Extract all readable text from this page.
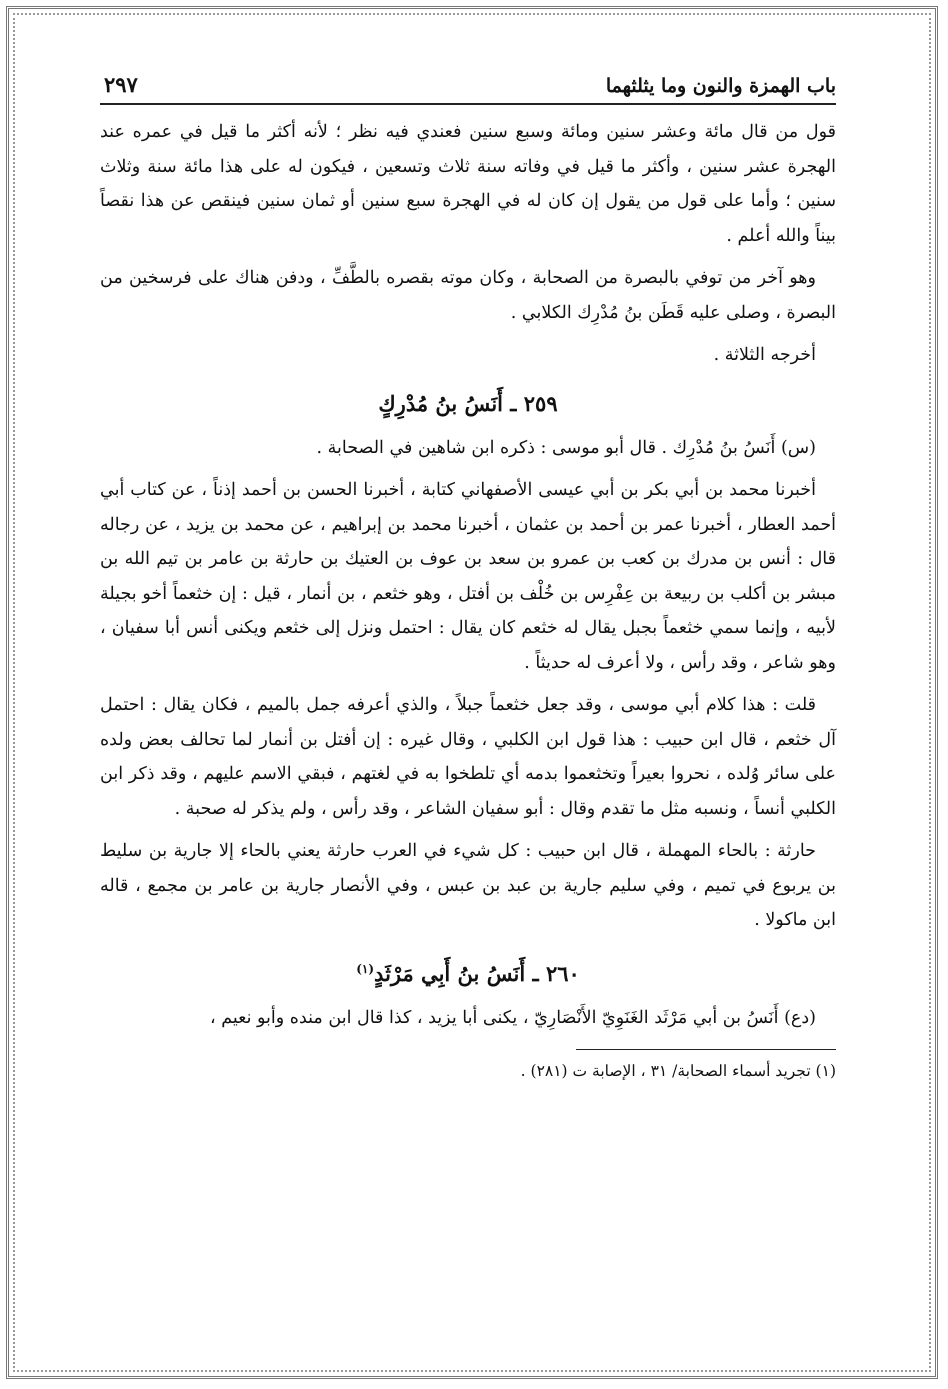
باب الهمزة والنون وما يثلثهما
٢٩٧

قول من قال مائة وعشر سنين ومائة وسبع سنين فعندي فيه نظر ؛ لأنه أكثر ما قيل في عمره عند الهجرة عشر سنين ، وأكثر ما قيل في وفاته سنة ثلاث وتسعين ، فيكون له على هذا مائة سنة وثلاث سنين ؛ وأما على قول من يقول إن كان له في الهجرة سبع سنين أو ثمان سنين فينقص عن هذا نقصاً بيناً والله أعلم .

وهو آخر من توفي بالبصرة من الصحابة ، وكان موته بقصره بالطَّفِّ ، ودفن هناك على فرسخين من البصرة ، وصلى عليه قَطَن بنُ مُدْرِك الكلابي .

أخرجه الثلاثة .

٢٥٩ ـ أَنَسُ بنُ مُدْرِكٍ

(س) أَنَسُ بنُ مُدْرِك . قال أبو موسى : ذكره ابن شاهين في الصحابة .

أخبرنا محمد بن أبي بكر بن أبي عيسى الأصفهاني كتابة ، أخبرنا الحسن بن أحمد إذناً ، عن كتاب أبي أحمد العطار ، أخبرنا عمر بن أحمد بن عثمان ، أخبرنا محمد بن إبراهيم ، عن محمد بن يزيد ، عن رجاله قال : أنس بن مدرك بن كعب بن عمرو بن سعد بن عوف بن العتيك بن حارثة بن عامر بن تيم الله بن مبشر بن أكلب بن ربيعة بن عِفْرِس بن خُلْف بن أفتل ، وهو خثعم ، بن أنمار ، قيل : إن خثعماً أخو بجيلة لأبيه ، وإنما سمي خثعماً بجبل يقال له خثعم كان يقال : احتمل ونزل إلى خثعم ويكنى أنس أبا سفيان ، وهو شاعر ، وقد رأس ، ولا أعرف له حديثاً .

قلت : هذا كلام أبي موسى ، وقد جعل خثعماً جبلاً ، والذي أعرفه جمل بالميم ، فكان يقال : احتمل آل خثعم ، قال ابن حبيب : هذا قول ابن الكلبي ، وقال غيره : إن أفتل بن أنمار لما تحالف بعض ولده على سائر وُلده ، نحروا بعيراً وتخثعموا بدمه أي تلطخوا به في لغتهم ، فبقي الاسم عليهم ، وقد ذكر ابن الكلبي أنساً ، ونسبه مثل ما تقدم وقال : أبو سفيان الشاعر ، وقد رأس ، ولم يذكر له صحبة .

حارثة : بالحاء المهملة ، قال ابن حبيب : كل شيء في العرب حارثة يعني بالحاء إلا جارية بن سليط بن يربوع في تميم ، وفي سليم جارية بن عبد بن عبس ، وفي الأنصار جارية بن عامر بن مجمع ، قاله ابن ماكولا .

٢٦٠ ـ أَنَسُ بنُ أَبِي مَرْثَدٍ$^{(١)}$

(دع) أَنَسُ بن أبي مَرْثَد الغَنَوِيّ الأَنْصَارِيّ ، يكنى أبا يزيد ، كذا قال ابن منده وأبو نعيم ،

(١) تجريد أسماء الصحابة/ ٣١ ، الإصابة ت (٢٨١) .
